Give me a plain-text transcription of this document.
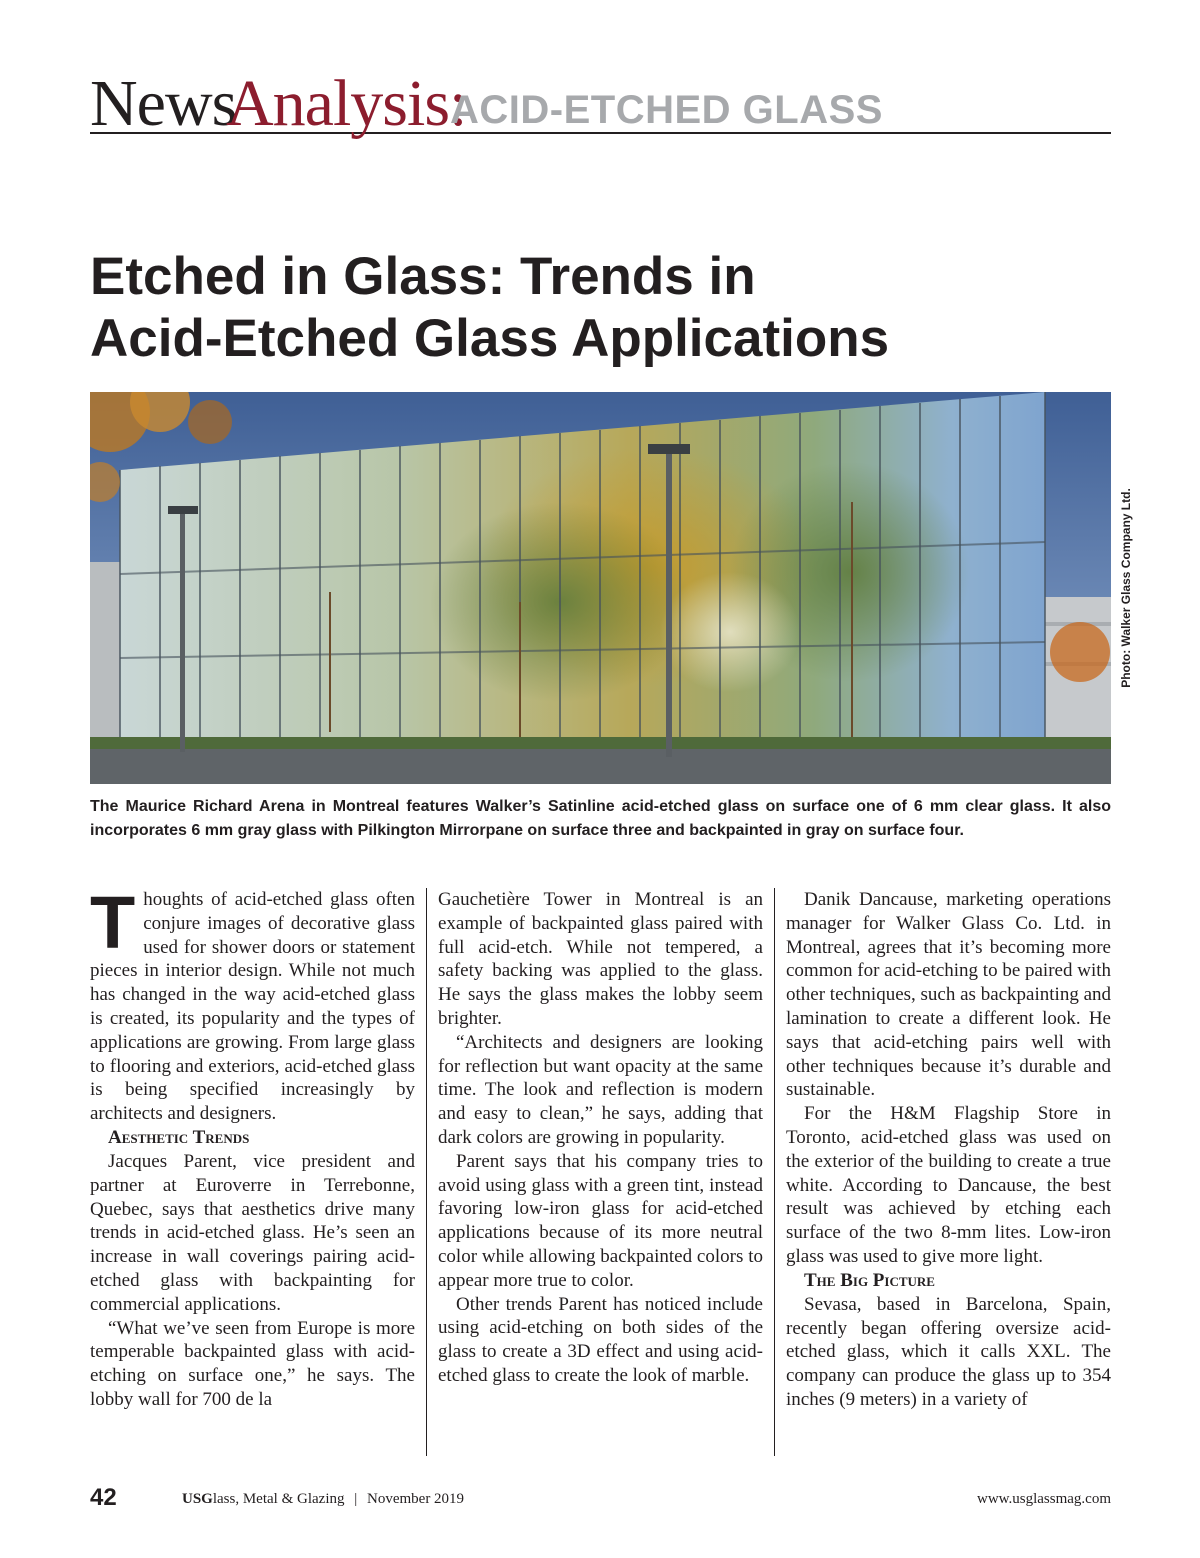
News
Analysis:
ACID-ETCHED GLASS
Etched in Glass: Trends in
Acid-Etched Glass Applications
Photo: Walker Glass Company Ltd.
The Maurice Richard Arena in Montreal features Walker’s Satinline acid-etched glass on surface one of 6 mm clear glass. It also incorporates 6 mm gray glass with Pilkington Mirrorpane on surface three and backpainted in gray on surface four.

Thoughts of acid-etched glass often conjure images of decorative glass used for shower doors or statement pieces in interior design. While not much has changed in the way acid-etched glass is created, its popularity and the types of applications are growing. From large glass to flooring and exteriors, acid-etched glass is being specified increasingly by architects and designers.

Aesthetic Trends

Jacques Parent, vice president and partner at Euroverre in Terrebonne, Quebec, says that aesthetics drive many trends in acid-etched glass. He’s seen an increase in wall coverings pairing acid-etched glass with backpainting for commercial applications.

“What we’ve seen from Europe is more temperable backpainted glass with acid-etching on surface one,” he says. The lobby wall for 700 de la

Gauchetière Tower in Montreal is an example of backpainted glass paired with full acid-etch. While not tempered, a safety backing was applied to the glass. He says the glass makes the lobby seem brighter.

“Architects and designers are looking for reflection but want opacity at the same time. The look and reflection is modern and easy to clean,” he says, adding that dark colors are growing in popularity.

Parent says that his company tries to avoid using glass with a green tint, instead favoring low-iron glass for acid-etched applications because of its more neutral color while allowing backpainted colors to appear more true to color.

Other trends Parent has noticed include using acid-etching on both sides of the glass to create a 3D effect and using acid-etched glass to create the look of marble.

Danik Dancause, marketing operations manager for Walker Glass Co. Ltd. in Montreal, agrees that it’s becoming more common for acid-etching to be paired with other techniques, such as backpainting and lamination to create a different look. He says that acid-etching pairs well with other techniques because it’s durable and sustainable.

For the H&M Flagship Store in Toronto, acid-etched glass was used on the exterior of the building to create a true white. According to Dancause, the best result was achieved by etching each surface of the two 8-mm lites. Low-iron glass was used to give more light.

The Big Picture

Sevasa, based in Barcelona, Spain, recently began offering oversize acid-etched glass, which it calls XXL. The company can produce the glass up to 354 inches (9 meters) in a variety of

42	USGlass, Metal & Glazing | November 2019	www.usglassmag.com
